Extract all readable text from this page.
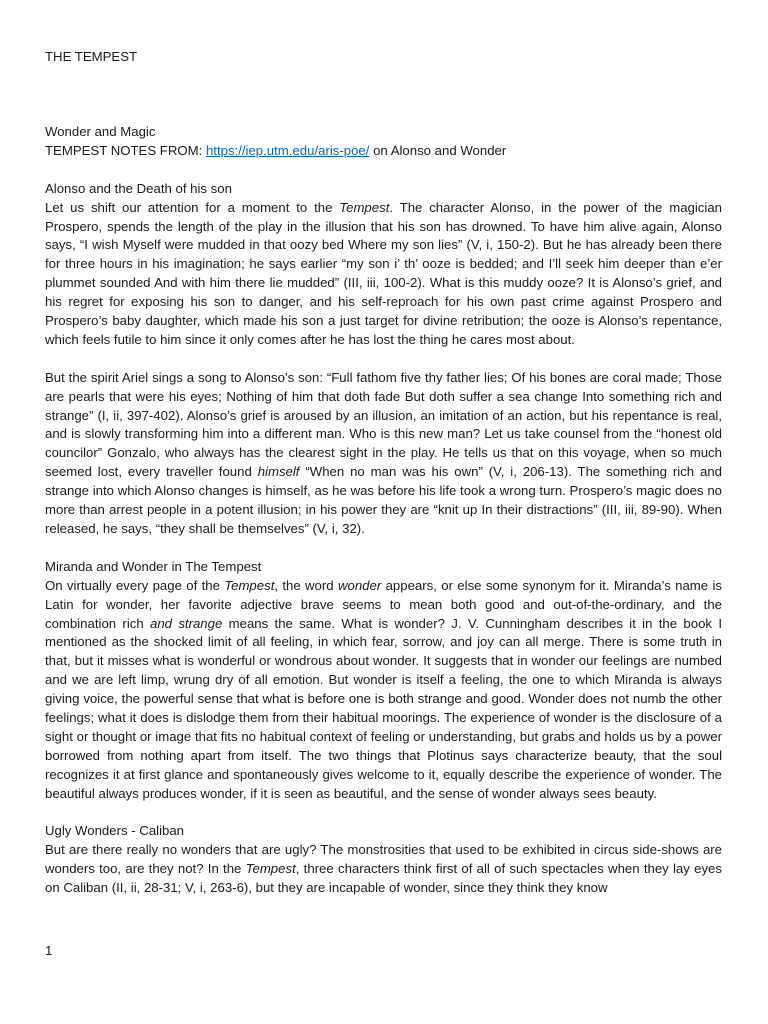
THE TEMPEST

Wonder and Magic

TEMPEST NOTES FROM: https://iep.utm.edu/aris-poe/ on Alonso and Wonder

Alonso and the Death of his son

Let us shift our attention for a moment to the Tempest. The character Alonso, in the power of the magician Prospero, spends the length of the play in the illusion that his son has drowned. To have him alive again, Alonso says, “I wish Myself were mudded in that oozy bed Where my son lies” (V, i, 150-2). But he has already been there for three hours in his imagination; he says earlier “my son i’ th’ ooze is bedded; and I’ll seek him deeper than e’er plummet sounded And with him there lie mudded” (III, iii, 100-2). What is this muddy ooze? It is Alonso’s grief, and his regret for exposing his son to danger, and his self-reproach for his own past crime against Prospero and Prospero’s baby daughter, which made his son a just target for divine retribution; the ooze is Alonso’s repentance, which feels futile to him since it only comes after he has lost the thing he cares most about.

But the spirit Ariel sings a song to Alonso’s son: “Full fathom five thy father lies; Of his bones are coral made; Those are pearls that were his eyes; Nothing of him that doth fade But doth suffer a sea change Into something rich and strange” (I, ii, 397-402). Alonso’s grief is aroused by an illusion, an imitation of an action, but his repentance is real, and is slowly transforming him into a different man. Who is this new man? Let us take counsel from the “honest old councilor” Gonzalo, who always has the clearest sight in the play. He tells us that on this voyage, when so much seemed lost, every traveller found himself “When no man was his own” (V, i, 206-13). The something rich and strange into which Alonso changes is himself, as he was before his life took a wrong turn. Prospero’s magic does no more than arrest people in a potent illusion; in his power they are “knit up In their distractions” (III, iii, 89-90). When released, he says, “they shall be themselves” (V, i, 32).

Miranda and Wonder in The Tempest

On virtually every page of the Tempest, the word wonder appears, or else some synonym for it. Miranda’s name is Latin for wonder, her favorite adjective brave seems to mean both good and out-of-the-ordinary, and the combination rich and strange means the same. What is wonder? J. V. Cunningham describes it in the book I mentioned as the shocked limit of all feeling, in which fear, sorrow, and joy can all merge. There is some truth in that, but it misses what is wonderful or wondrous about wonder. It suggests that in wonder our feelings are numbed and we are left limp, wrung dry of all emotion. But wonder is itself a feeling, the one to which Miranda is always giving voice, the powerful sense that what is before one is both strange and good. Wonder does not numb the other feelings; what it does is dislodge them from their habitual moorings. The experience of wonder is the disclosure of a sight or thought or image that fits no habitual context of feeling or understanding, but grabs and holds us by a power borrowed from nothing apart from itself. The two things that Plotinus says characterize beauty, that the soul recognizes it at first glance and spontaneously gives welcome to it, equally describe the experience of wonder. The beautiful always produces wonder, if it is seen as beautiful, and the sense of wonder always sees beauty.

Ugly Wonders - Caliban

But are there really no wonders that are ugly? The monstrosities that used to be exhibited in circus side-shows are wonders too, are they not? In the Tempest, three characters think first of all of such spectacles when they lay eyes on Caliban (II, ii, 28-31; V, i, 263-6), but they are incapable of wonder, since they think they know

1
